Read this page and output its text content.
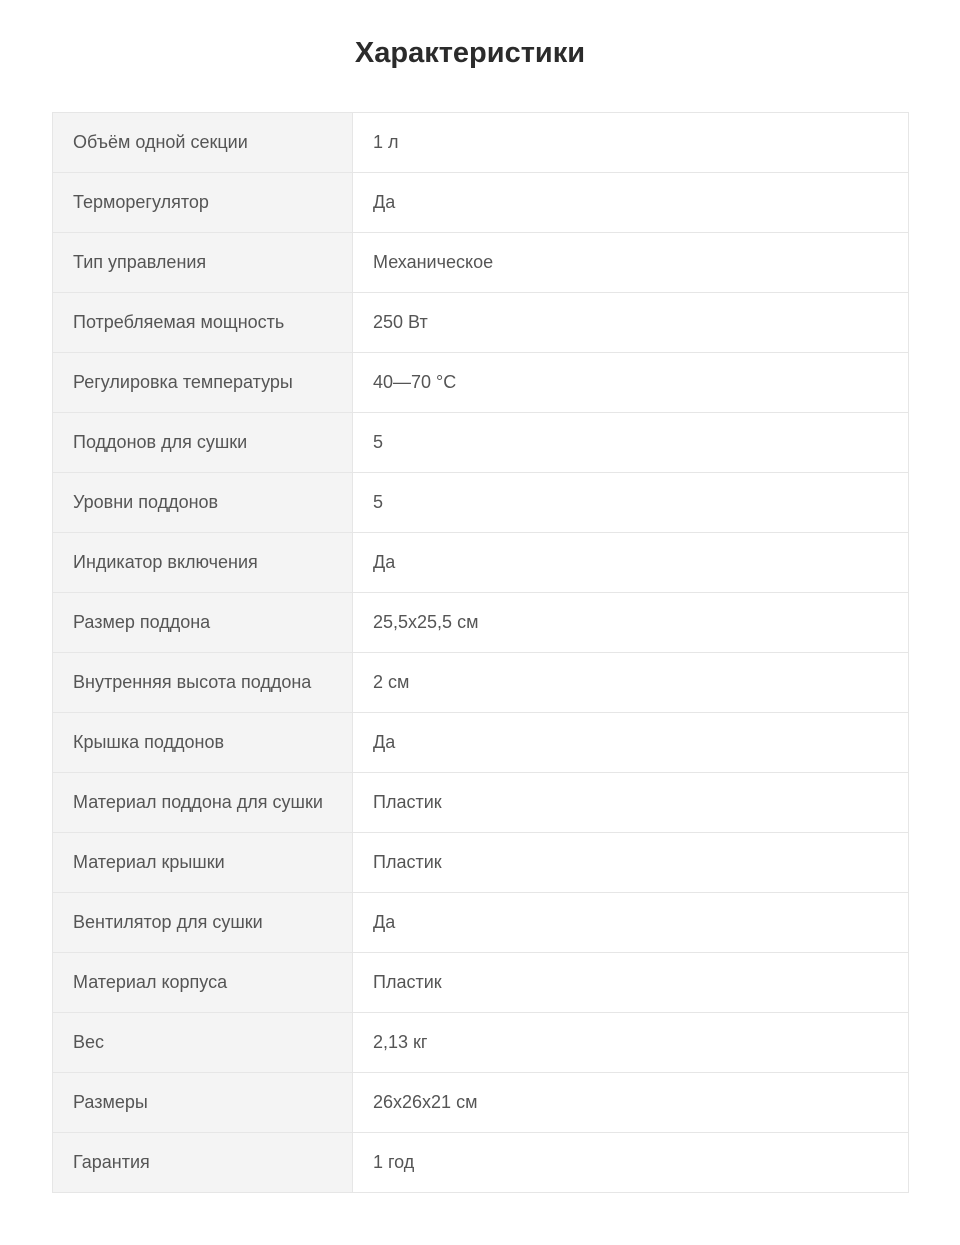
Характеристики
Объём одной секции	1 л
Терморегулятор	Да
Тип управления	Механическое
Потребляемая мощность	250 Вт
Регулировка температуры	40—70 °C
Поддонов для сушки	5
Уровни поддонов	5
Индикатор включения	Да
Размер поддона	25,5x25,5 см
Внутренняя высота поддона	2 см
Крышка поддонов	Да
Материал поддона для сушки	Пластик
Материал крышки	Пластик
Вентилятор для сушки	Да
Материал корпуса	Пластик
Вес	2,13 кг
Размеры	26x26x21 см
Гарантия	1 год
